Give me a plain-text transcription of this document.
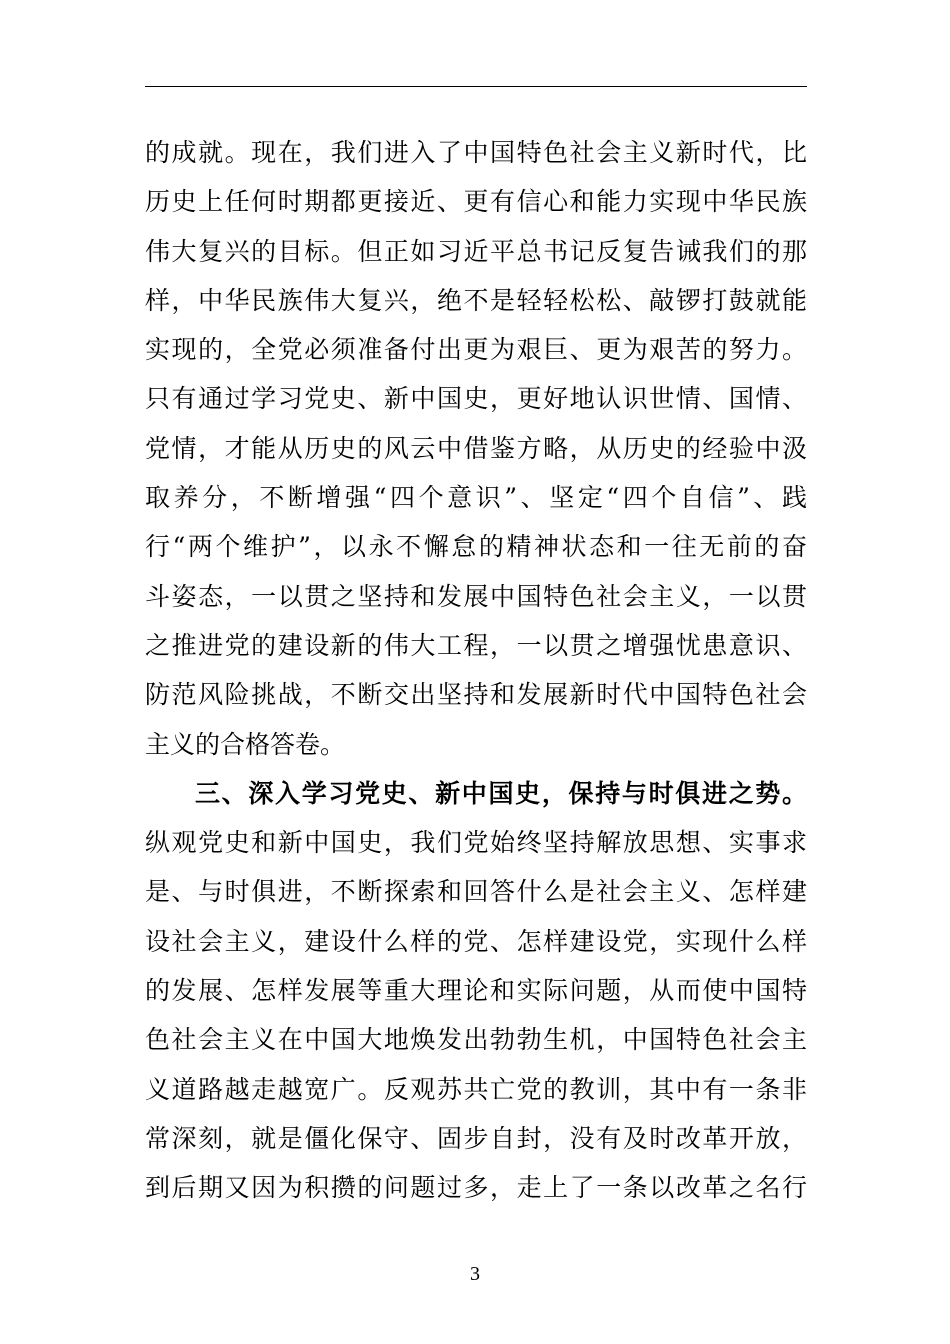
的成就。现在，我们进入了中国特色社会主义新时代，比
历史上任何时期都更接近、更有信心和能力实现中华民族
伟大复兴的目标。但正如习近平总书记反复告诫我们的那
样，中华民族伟大复兴，绝不是轻轻松松、敲锣打鼓就能
实现的，全党必须准备付出更为艰巨、更为艰苦的努力。
只有通过学习党史、新中国史，更好地认识世情、国情、
党情，才能从历史的风云中借鉴方略，从历史的经验中汲
取养分，不断增强“四个意识”、坚定“四个自信”、践
行“两个维护”，以永不懈怠的精神状态和一往无前的奋
斗姿态，一以贯之坚持和发展中国特色社会主义，一以贯
之推进党的建设新的伟大工程，一以贯之增强忧患意识、
防范风险挑战，不断交出坚持和发展新时代中国特色社会
主义的合格答卷。
三、深入学习党史、新中国史，保持与时俱进之势。
纵观党史和新中国史，我们党始终坚持解放思想、实事求
是、与时俱进，不断探索和回答什么是社会主义、怎样建
设社会主义，建设什么样的党、怎样建设党，实现什么样
的发展、怎样发展等重大理论和实际问题，从而使中国特
色社会主义在中国大地焕发出勃勃生机，中国特色社会主
义道路越走越宽广。反观苏共亡党的教训，其中有一条非
常深刻，就是僵化保守、固步自封，没有及时改革开放，
到后期又因为积攒的问题过多，走上了一条以改革之名行
3
